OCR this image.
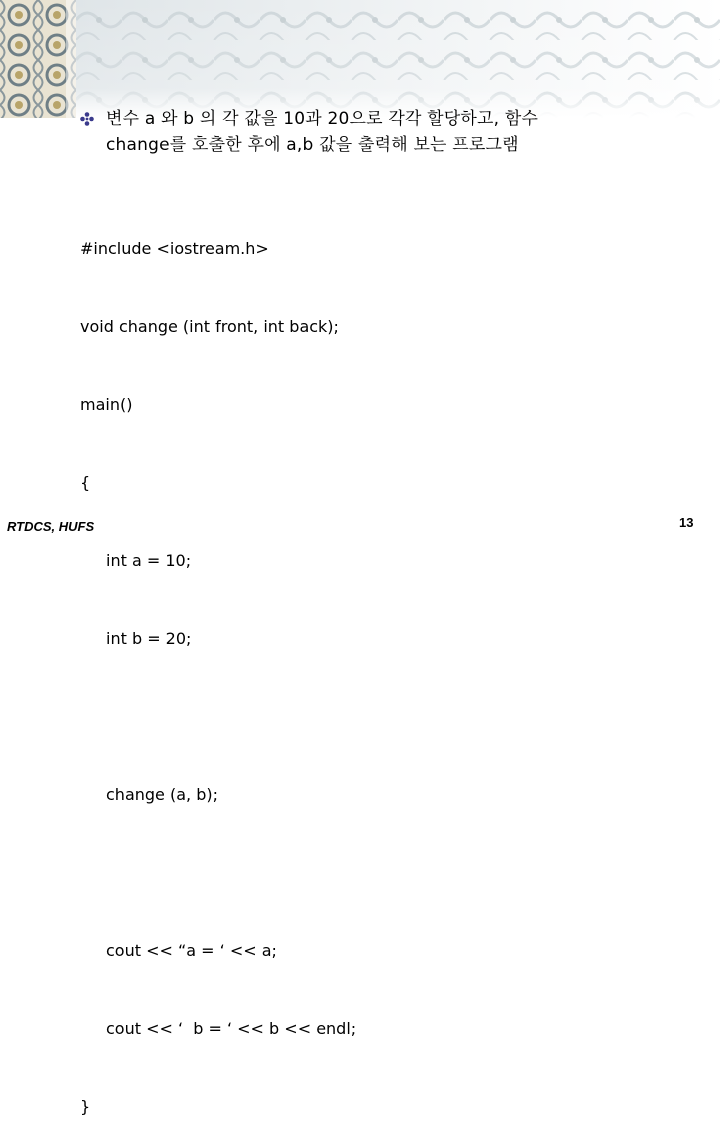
변수 a 와 b 의 각 값을 10과 20으로 각각 할당하고, 함수
change를 호출한 후에 a,b 값을 출력해 보는 프로그램

#include <iostream.h>

void change (int front, int back);

main()

{

int a = 10;

int b = 20;

change (a, b);

cout << “a = ‘ << a;

cout << ‘  b = ‘ << b << endl;

}

RTDCS, HUFS	13
